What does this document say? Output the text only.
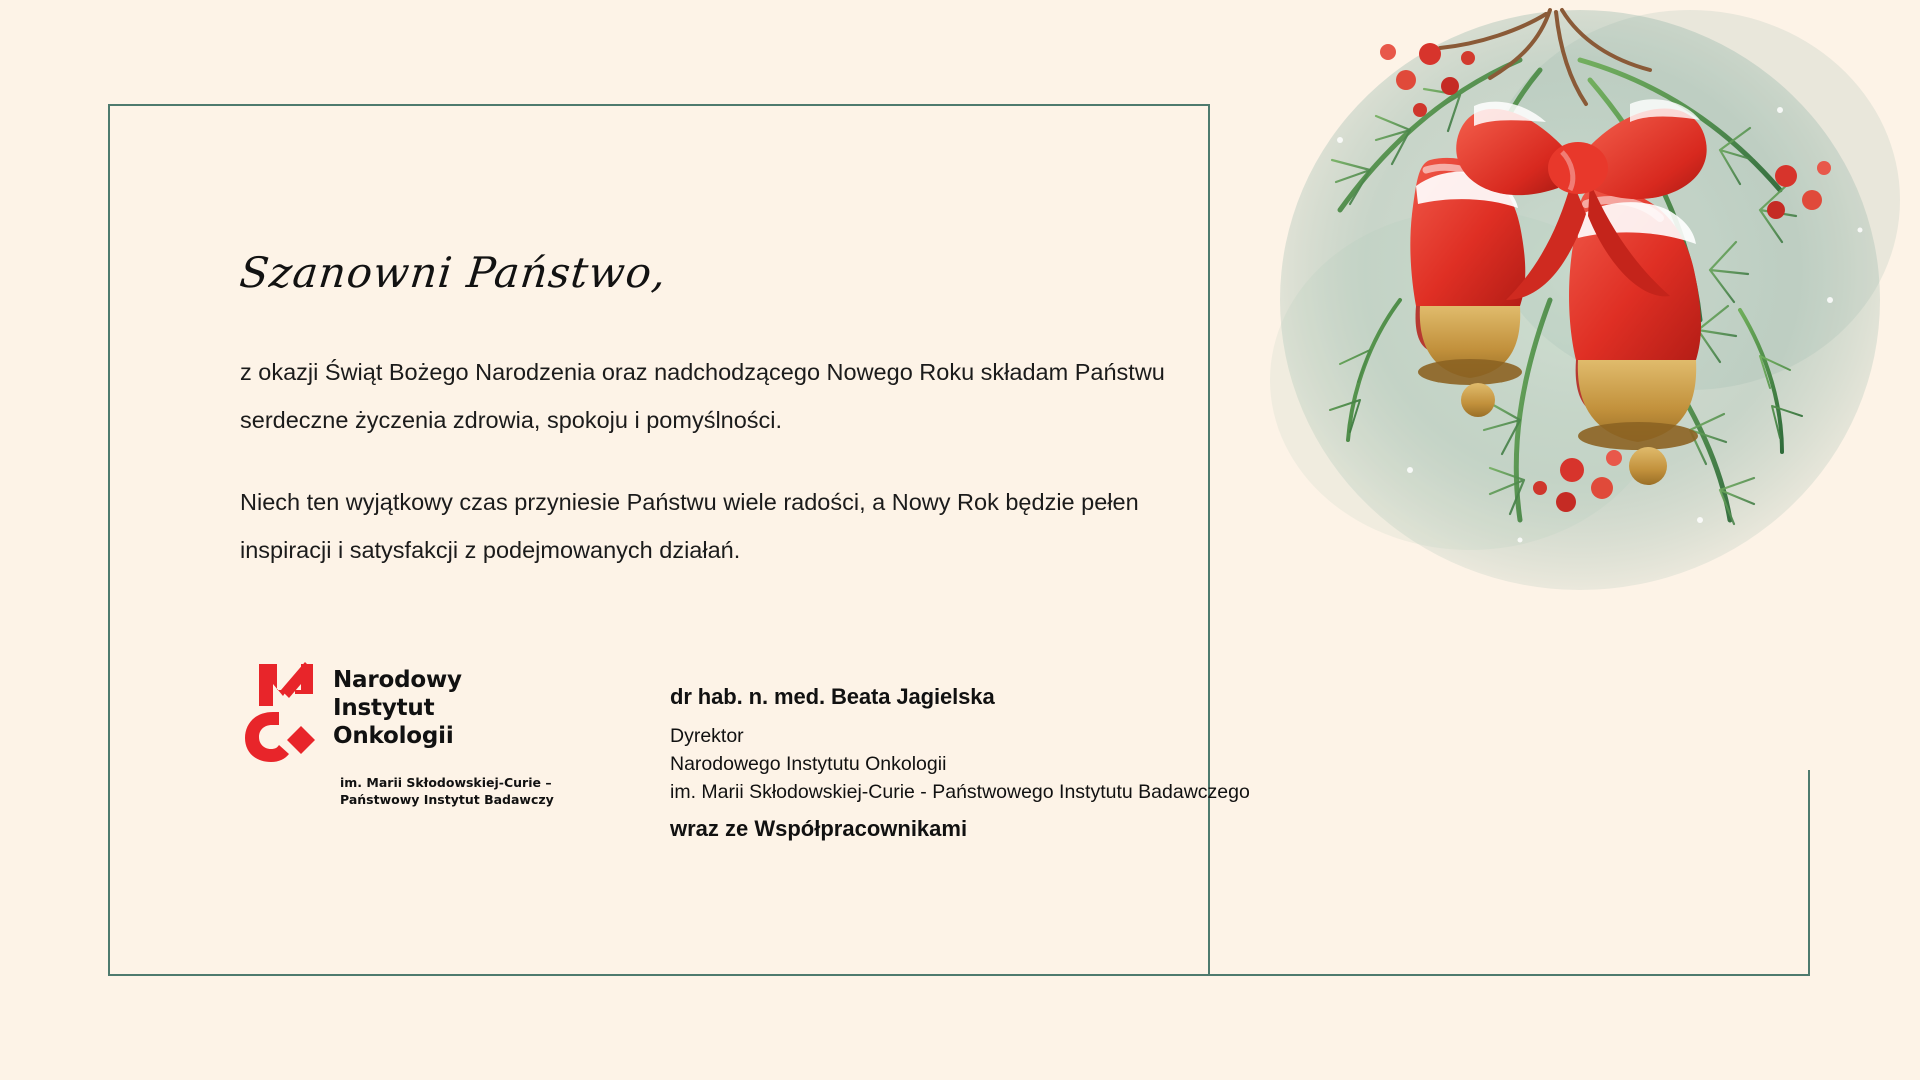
Szanowni Państwo,

z okazji Świąt Bożego Narodzenia oraz nadchodzącego Nowego Roku składam Państwu serdeczne życzenia zdrowia, spokoju i pomyślności.

Niech ten wyjątkowy czas przyniesie Państwu wiele radości, a Nowy Rok będzie pełen inspiracji i satysfakcji z podejmowanych działań.

Narodowy
Instytut
Onkologii
im. Marii Skłodowskiej-Curie –
Państwowy Instytut Badawczy
dr hab. n. med. Beata Jagielska
Dyrektor
Narodowego Instytutu Onkologii
im. Marii Skłodowskiej-Curie - Państwowego Instytutu Badawczego
wraz ze Współpracownikami
